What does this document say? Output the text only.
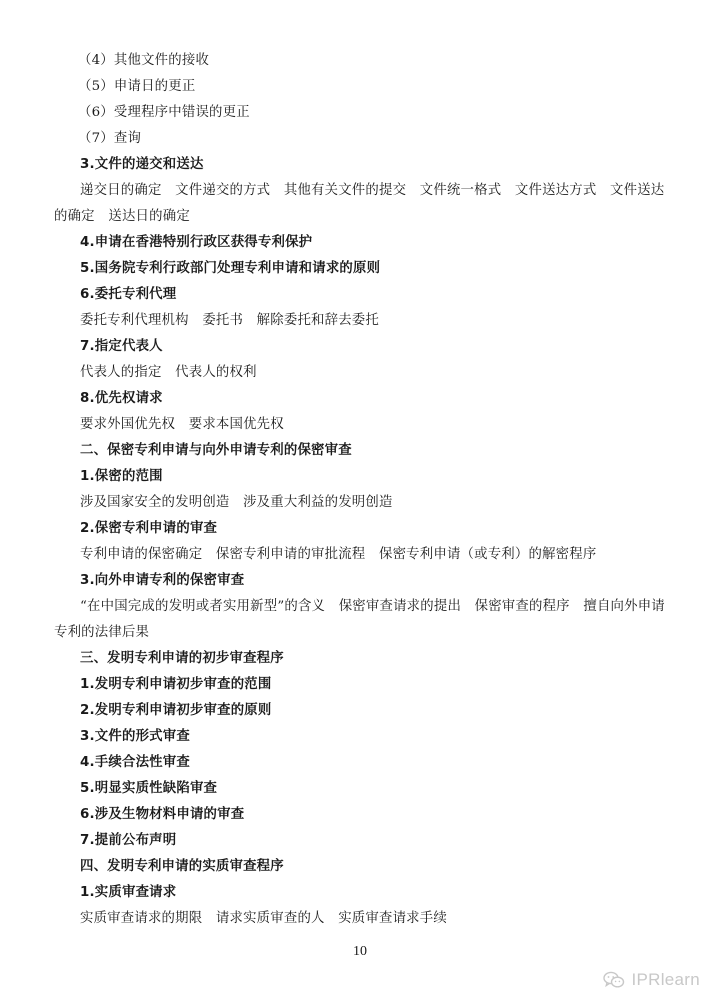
（4）其他文件的接收
（5）申请日的更正
（6）受理程序中错误的更正
（7）查询
3.文件的递交和送达
递交日的确定　文件递交的方式　其他有关文件的提交　文件统一格式　文件送达方式　文件送达
的确定　送达日的确定
4.申请在香港特别行政区获得专利保护
5.国务院专利行政部门处理专利申请和请求的原则
6.委托专利代理
委托专利代理机构　委托书　解除委托和辞去委托
7.指定代表人
代表人的指定　代表人的权利
8.优先权请求
要求外国优先权　要求本国优先权
二、保密专利申请与向外申请专利的保密审查
1.保密的范围
涉及国家安全的发明创造　涉及重大利益的发明创造
2.保密专利申请的审查
专利申请的保密确定　保密专利申请的审批流程　保密专利申请（或专利）的解密程序
3.向外申请专利的保密审查
“在中国完成的发明或者实用新型”的含义　保密审查请求的提出　保密审查的程序　擅自向外申请
专利的法律后果
三、发明专利申请的初步审查程序
1.发明专利申请初步审查的范围
2.发明专利申请初步审查的原则
3.文件的形式审查
4.手续合法性审查
5.明显实质性缺陷审查
6.涉及生物材料申请的审查
7.提前公布声明
四、发明专利申请的实质审查程序
1.实质审查请求
实质审查请求的期限　请求实质审查的人　实质审查请求手续
10
IPRlearn
